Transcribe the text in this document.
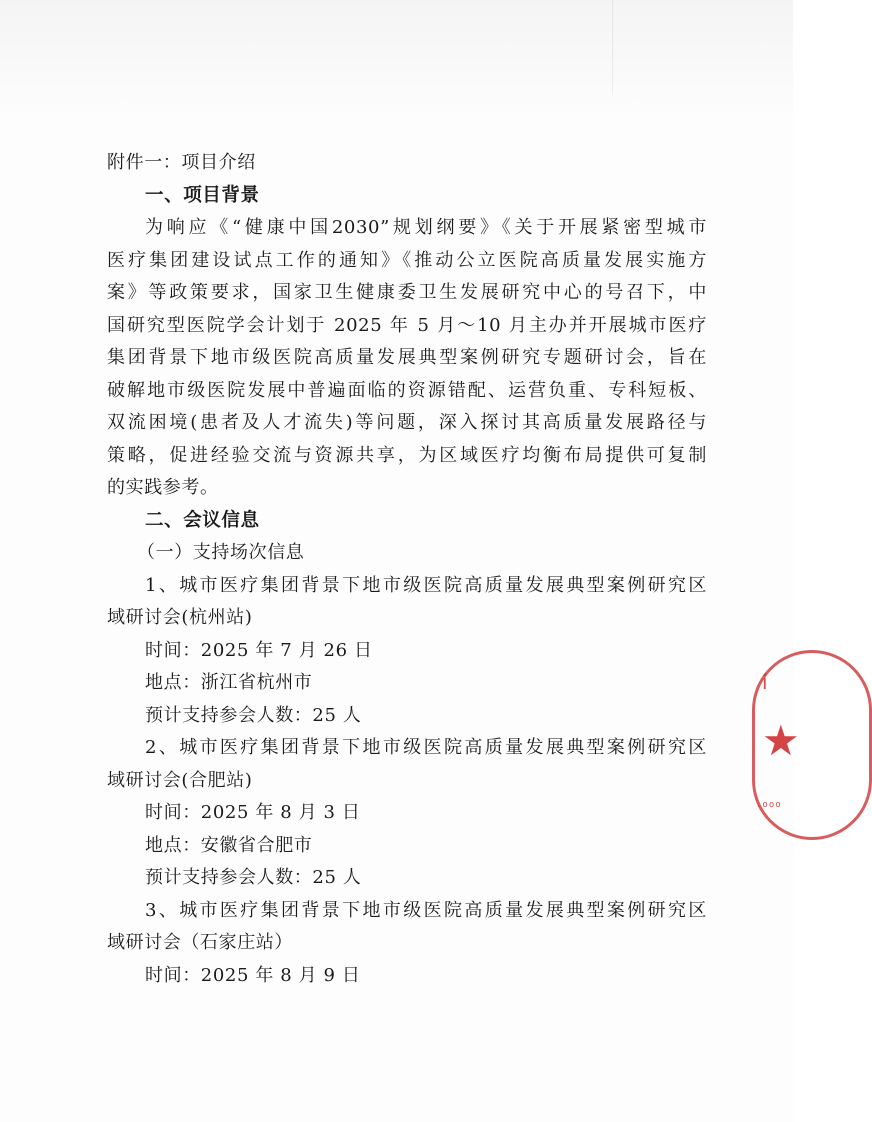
附件一：项目介绍
一、项目背景
为响应《“健康中国2030”规划纲要》《关于开展紧密型城市
医疗集团建设试点工作的通知》《推动公立医院高质量发展实施方
案》等政策要求，国家卫生健康委卫生发展研究中心的号召下，中
国研究型医院学会计划于 2025 年 5 月～10 月主办并开展城市医疗
集团背景下地市级医院高质量发展典型案例研究专题研讨会，旨在
破解地市级医院发展中普遍面临的资源错配、运营负重、专科短板、
双流困境(患者及人才流失)等问题，深入探讨其高质量发展路径与
策略，促进经验交流与资源共享，为区域医疗均衡布局提供可复制
的实践参考。
二、会议信息
（一）支持场次信息
1、城市医疗集团背景下地市级医院高质量发展典型案例研究区
域研讨会(杭州站)
时间：2025 年 7 月 26 日
地点：浙江省杭州市
预计支持参会人数：25 人
2、城市医疗集团背景下地市级医院高质量发展典型案例研究区
域研讨会(合肥站)
时间：2025 年 8 月 3 日
地点：安徽省合肥市
预计支持参会人数：25 人
3、城市医疗集团背景下地市级医院高质量发展典型案例研究区
域研讨会（石家庄站）
时间：2025 年 8 月 9 日
ⅰ
★
.ooo
